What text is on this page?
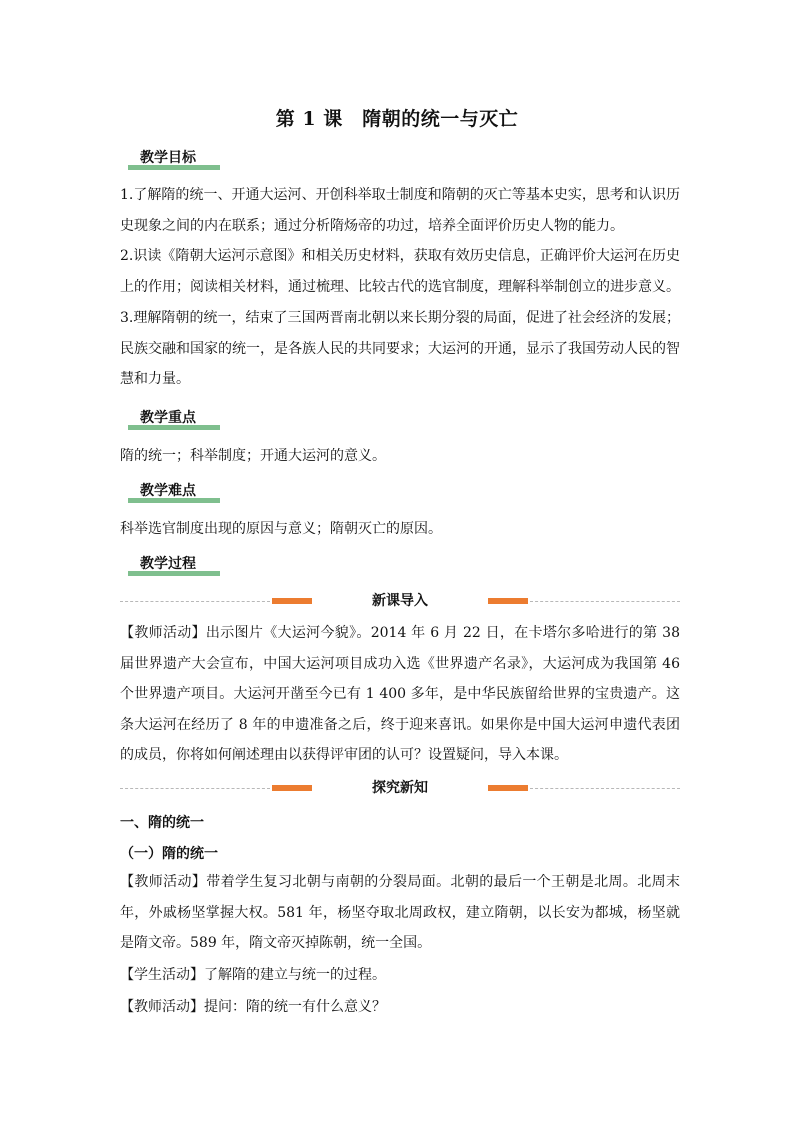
第 1 课　隋朝的统一与灭亡
教学目标
1.了解隋的统一、开通大运河、开创科举取士制度和隋朝的灭亡等基本史实，思考和认识历史现象之间的内在联系；通过分析隋炀帝的功过，培养全面评价历史人物的能力。
2.识读《隋朝大运河示意图》和相关历史材料，获取有效历史信息，正确评价大运河在历史上的作用；阅读相关材料，通过梳理、比较古代的选官制度，理解科举制创立的进步意义。
3.理解隋朝的统一，结束了三国两晋南北朝以来长期分裂的局面，促进了社会经济的发展；民族交融和国家的统一，是各族人民的共同要求；大运河的开通，显示了我国劳动人民的智慧和力量。
教学重点
隋的统一；科举制度；开通大运河的意义。
教学难点
科举选官制度出现的原因与意义；隋朝灭亡的原因。
教学过程
新课导入
【教师活动】出示图片《大运河今貌》。2014 年 6 月 22 日，在卡塔尔多哈进行的第 38 届世界遗产大会宣布，中国大运河项目成功入选《世界遗产名录》，大运河成为我国第 46 个世界遗产项目。大运河开凿至今已有 1 400 多年，是中华民族留给世界的宝贵遗产。这条大运河在经历了 8 年的申遗准备之后，终于迎来喜讯。如果你是中国大运河申遗代表团的成员，你将如何阐述理由以获得评审团的认可？设置疑问，导入本课。
探究新知
一、隋的统一
（一）隋的统一
【教师活动】带着学生复习北朝与南朝的分裂局面。北朝的最后一个王朝是北周。北周末年，外戚杨坚掌握大权。581 年，杨坚夺取北周政权，建立隋朝，以长安为都城，杨坚就是隋文帝。589 年，隋文帝灭掉陈朝，统一全国。
【学生活动】了解隋的建立与统一的过程。
【教师活动】提问：隋的统一有什么意义？
